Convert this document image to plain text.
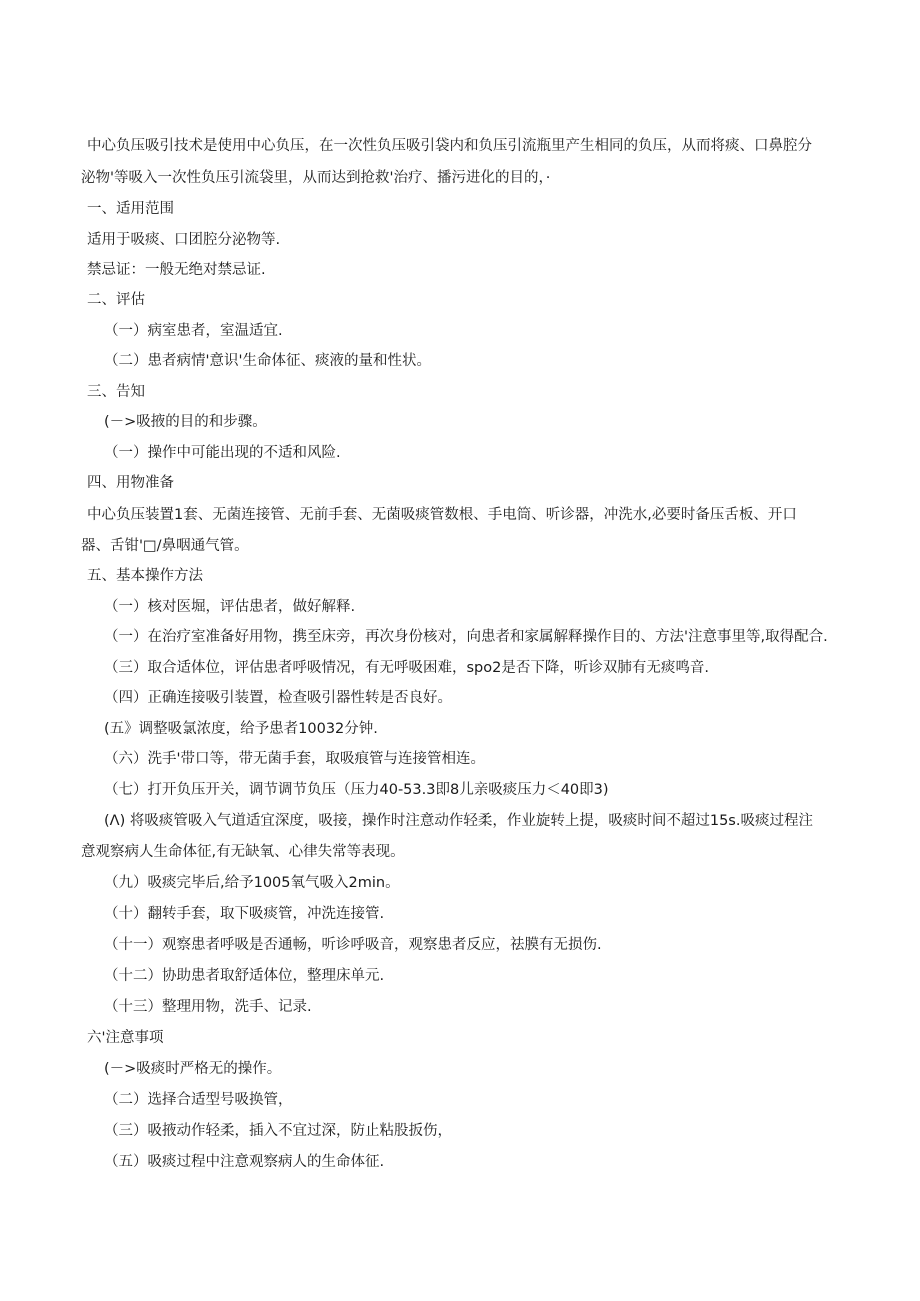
中心负压吸引技术是使用中心负压，在一次性负压吸引袋内和负压引流瓶里产生相同的负压，从而将痰、口鼻腔分
泌物'等吸入一次性负压引流袋里，从而达到抢救'治疗、播污进化的目的，·
一、适用范围
适用于吸痰、口团腔分泌物等.
禁忌证：一般无绝对禁忌证.
二、评估
（一）病室患者，室温适宜.
（二）患者病情'意识'生命体征、痰液的量和性状。
三、告知
(－>吸掖的目的和步骤。
（一）操作中可能出现的不适和风险.
四、用物准备
中心负压装置1套、无菌连接管、无前手套、无菌吸痰管数根、手电筒、听诊器，冲洗水,必要时备压舌板、开口
器、舌钳'□/鼻咽通气管。
五、基本操作方法
（一）核对医堀，评估患者，做好解释.
（一）在治疗室准备好用物，携至床旁，再次身份核对，向患者和家属解释操作目的、方法'注意事里等,取得配合.
（三）取合适体位，评估患者呼吸情况，有无呼吸困难，spo2是否下降，听诊双肺有无痰鸣音.
（四）正确连接吸引装置，检查吸引器性转是否良好。
(五》调整吸氯浓度，给予患者10032分钟.
（六）洗手'带口等，带无菌手套，取吸痕管与连接管相连。
（七）打开负压开关，调节调节负压（压力40-53.3即8儿亲吸痰压力＜40即3)
(Λ) 将吸痰管吸入气道适宜深度，吸接，操作时注意动作轻柔，作业旋转上提，吸痰时间不超过15s.吸痰过程注
意观察病人生命体征,有无缺氧、心律失常等表现。
（九）吸痰完毕后,给予1005氧气吸入2min。
（十）翻转手套，取下吸痰管，冲洗连接管.
（十一）观察患者呼吸是否通畅，听诊呼吸音，观察患者反应，祛膜有无损伤.
（十二）协助患者取舒适体位，整理床单元.
（十三）整理用物，洗手、记录.
六'注意事项
(－>吸痰时严格无的操作。
（二）选择合适型号吸换管，
（三）吸掖动作轻柔，插入不宜过深，防止粘股扳伤，
（五）吸痰过程中注意观察病人的生命体征.
